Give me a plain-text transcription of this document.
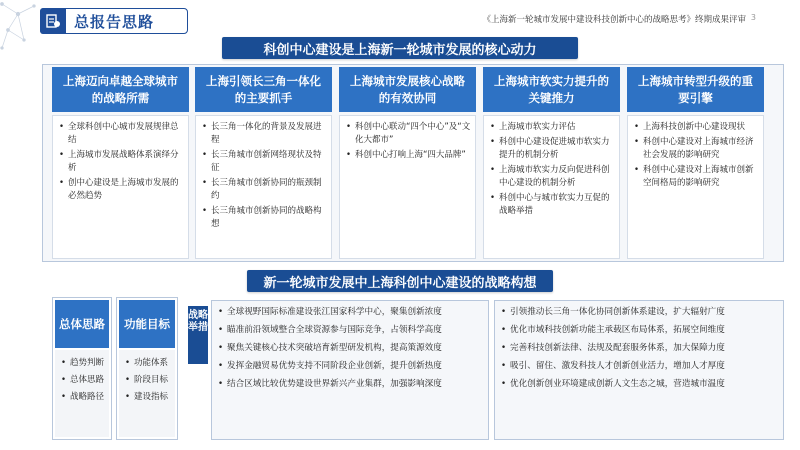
总报告思路	《上海新一轮城市发展中建设科技创新中心的战略思考》终期成果评审 3
科创中心建设是上海新一轮城市发展的核心动力
上海迈向卓越全球城市的战略所需
• 全球科创中心城市发展规律总结
• 上海城市发展战略体系演绎分析
• 创中心建设是上海城市发展的必然趋势
上海引领长三角一体化的主要抓手
• 长三角一体化的背景及发展进程
• 长三角城市创新网络现状及特征
• 长三角城市创新协同的瓶颈制约
• 长三角城市创新协同的战略构想
上海城市发展核心战略的有效协同
• 科创中心联动“四个中心”及“文化大都市”
• 科创中心打响上海“四大品牌”
上海城市软实力提升的关键推力
• 上海城市软实力评估
• 科创中心建设促进城市软实力提升的机制分析
• 上海城市软实力反向促进科创中心建设的机制分析
• 科创中心与城市软实力互促的战略举措
上海城市转型升级的重要引擎
• 上海科技创新中心建设现状
• 科创中心建设对上海城市经济社会发展的影响研究
• 科创中心建设对上海城市创新空间格局的影响研究
新一轮城市发展中上海科创中心建设的战略构想
总体思路
• 趋势判断
• 总体思路
• 战略路径
功能目标
• 功能体系
• 阶段目标
• 建设指标
战略举措
• 全球视野国际标准建设张江国家科学中心，聚集创新浓度
• 瞄准前沿领域整合全球资源参与国际竞争，占领科学高度
• 聚焦关键核心技术突破培育新型研发机构，提高策源效度
• 发挥金融贸易优势支持不同阶段企业创新，提升创新热度
• 结合区域比较优势建设世界新兴产业集群，加强影响深度
• 引领推动长三角一体化协同创新体系建设，扩大辐射广度
• 优化市域科技创新功能主承载区布局体系，拓展空间维度
• 完善科技创新法律、法规及配套服务体系，加大保障力度
• 吸引、留住、激发科技人才创新创业活力，增加人才厚度
• 优化创新创业环境建成创新人文生态之城，营造城市温度
